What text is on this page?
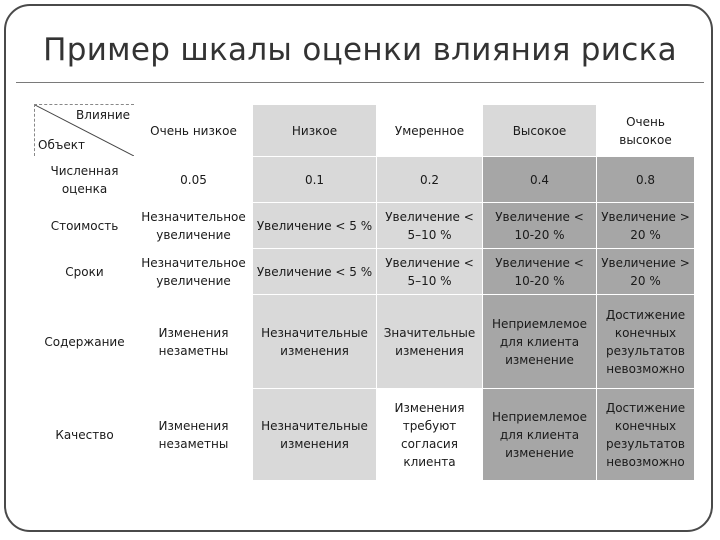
Пример шкалы оценки влияния риска
Влияние
Объект	Очень низкое	Низкое	Умеренное	Высокое	Очень высокое
Численная оценка	0.05	0.1	0.2	0.4	0.8
Стоимость	Незначительное увеличение	Увеличение < 5 %	Увеличение < 5–10 %	Увеличение < 10-20 %	Увеличение > 20 %
Сроки	Незначительное увеличение	Увеличение < 5 %	Увеличение < 5–10 %	Увеличение < 10-20 %	Увеличение > 20 %
Содержание	Изменения незаметны	Незначительные изменения	Значительные изменения	Неприемлемое для клиента изменение	Достижение конечных результатов невозможно
Качество	Изменения незаметны	Незначительные изменения	Изменения требуют согласия клиента	Неприемлемое для клиента изменение	Достижение конечных результатов невозможно
